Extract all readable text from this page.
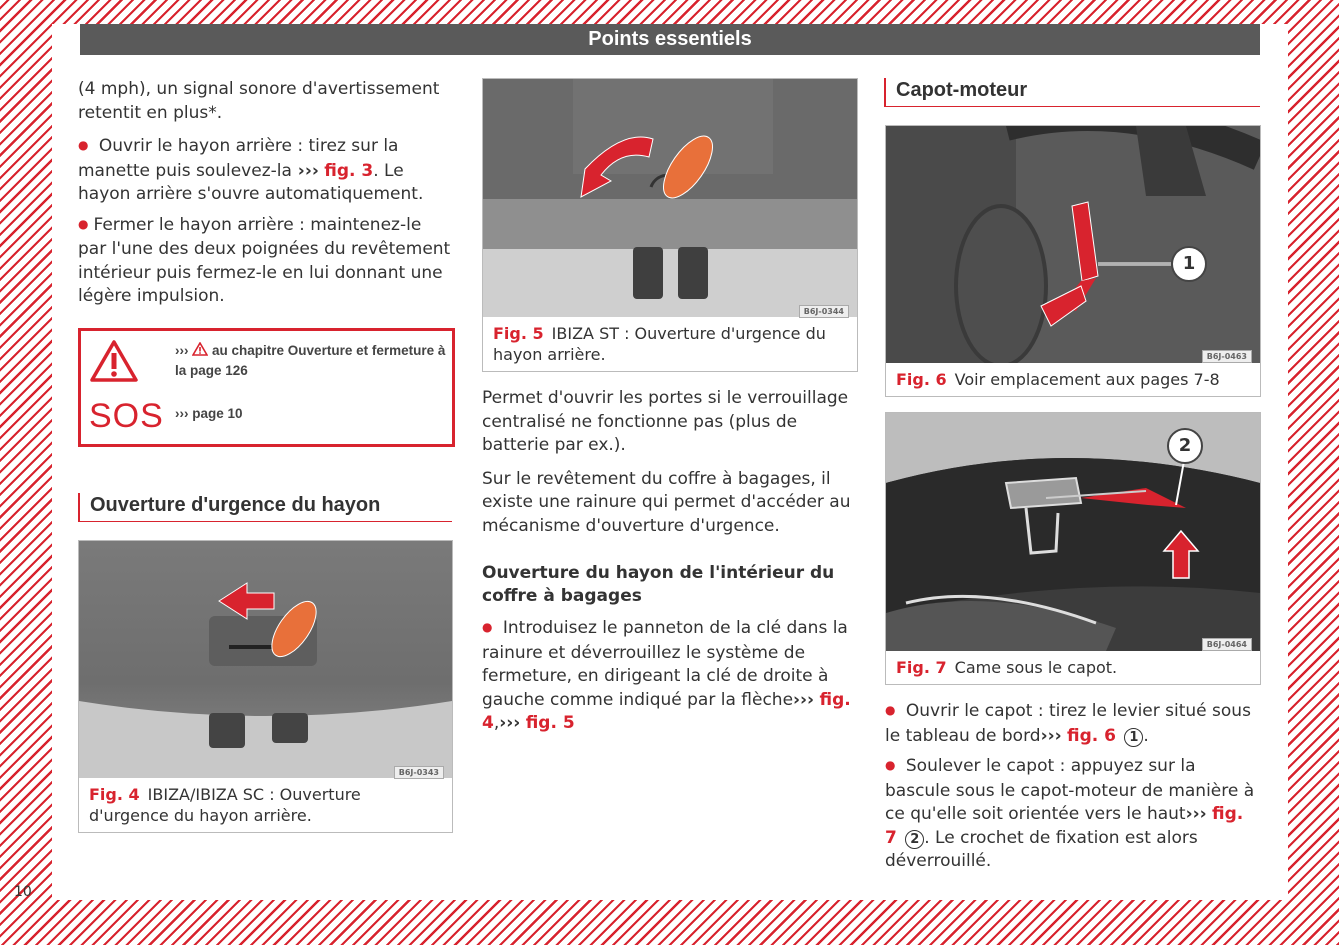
Points essentiels

(4 mph), un signal sonore d'avertissement retentit en plus*.

● Ouvrir le hayon arrière : tirez sur la manette puis soulevez-la ››› fig. 3. Le hayon arrière s'ouvre automatiquement.

● Fermer le hayon arrière : maintenez-le par l'une des deux poignées du revêtement intérieur puis fermez-le en lui donnant une légère impulsion.

››› au chapitre Ouverture et fermeture à la page 126
SOS ››› page 10
Ouverture d'urgence du hayon
B6J-0343
Fig. 4 IBIZA/IBIZA SC : Ouverture d'urgence du hayon arrière.
B6J-0344
Fig. 5 IBIZA ST : Ouverture d'urgence du hayon arrière.

Permet d'ouvrir les portes si le verrouillage centralisé ne fonctionne pas (plus de batterie par ex.).

Sur le revêtement du coffre à bagages, il existe une rainure qui permet d'accéder au mécanisme d'ouverture d'urgence.

Ouverture du hayon de l'intérieur du coffre à bagages

● Introduisez le panneton de la clé dans la rainure et déverrouillez le système de fermeture, en dirigeant la clé de droite à gauche comme indiqué par la flèche››› fig. 4,››› fig. 5

Capot-moteur
1
B6J-0463
Fig. 6 Voir emplacement aux pages 7-8
2
B6J-0464
Fig. 7 Came sous le capot.

● Ouvrir le capot : tirez le levier situé sous le tableau de bord››› fig. 6 1 .

● Soulever le capot : appuyez sur la bascule sous le capot-moteur de manière à ce qu'elle soit orientée vers le haut››› fig. 7 2 . Le crochet de fixation est alors déverrouillé.

10
